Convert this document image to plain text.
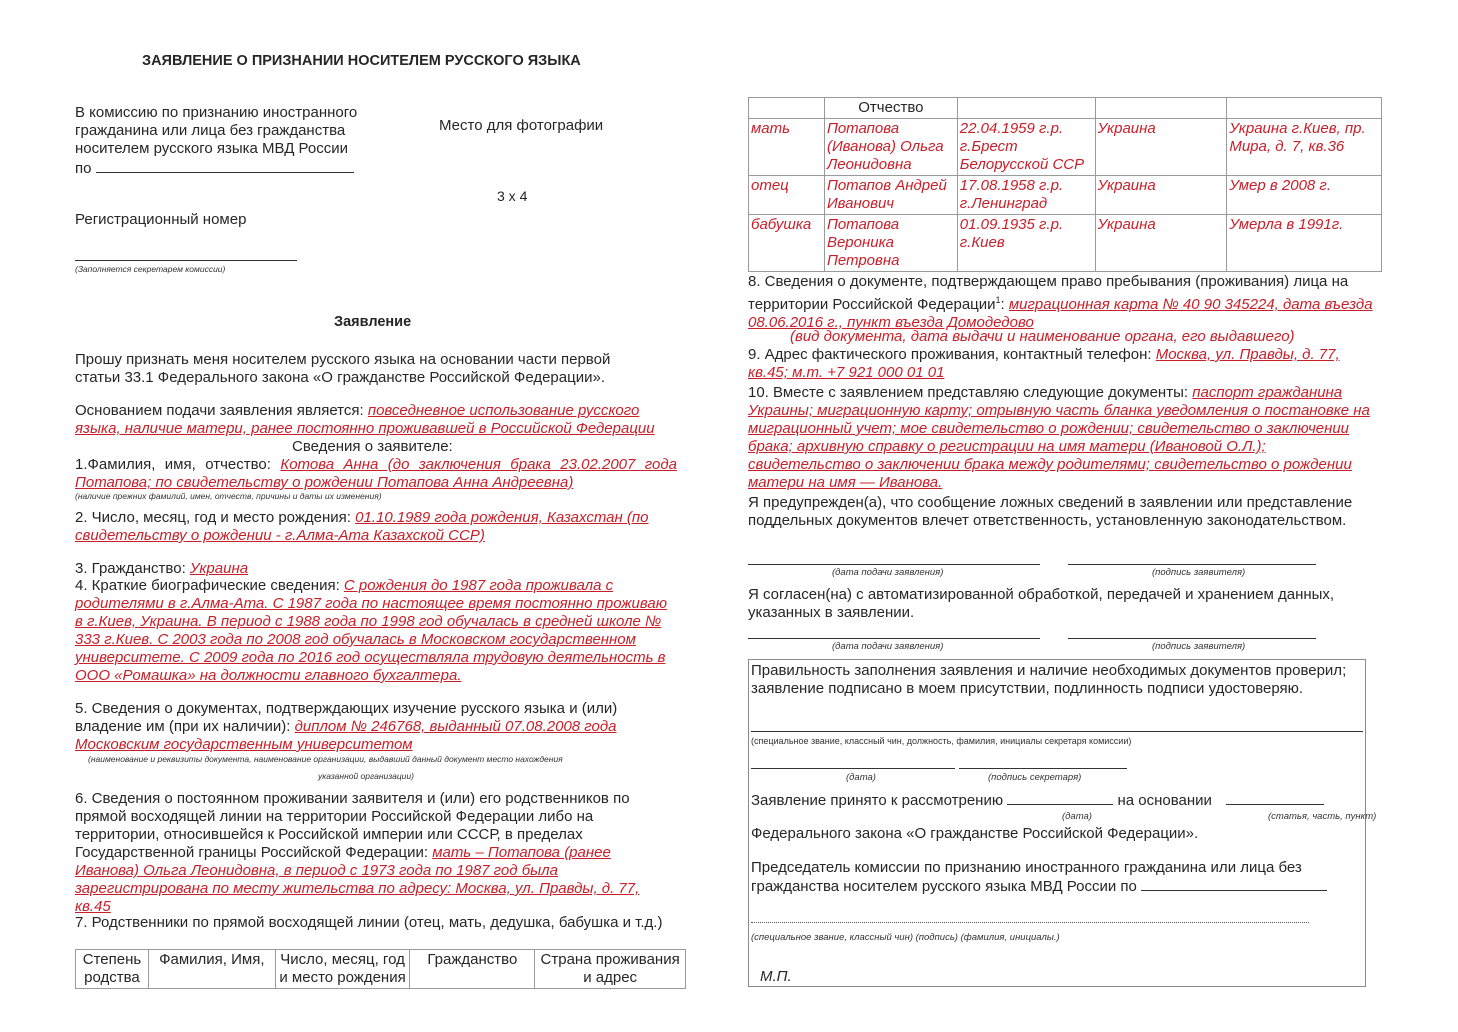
ЗАЯВЛЕНИЕ О ПРИЗНАНИИ НОСИТЕЛЕМ РУССКОГО ЯЗЫКА
В комиссию по признанию иностранного
гражданина или лица без гражданства
носителем русского языка МВД России
по
Место для фотографии
3 x 4
Регистрационный номер
(Заполняется секретарем комиссии)
Заявление
Прошу признать меня носителем русского языка на основании части первой статьи 33.1 Федерального закона «О гражданстве Российской Федерации».
Основанием подачи заявления является: повседневное использование русского языка, наличие матери, ранее постоянно проживавшей в Российской Федерации
Сведения о заявителе:
1.Фамилия, имя, отчество: Котова Анна (до заключения брака 23.02.2007 года Потапова; по свидетельству о рождении Потапова Анна Андреевна)
(наличие прежних фамилий, имен, отчеств, причины и даты их изменения)
2. Число, месяц, год и место рождения: 01.10.1989 года рождения, Казахстан (по свидетельству о рождении - г.Алма-Ата Казахской ССР)
3. Гражданство: Украина
4. Краткие биографические сведения: С рождения до 1987 года проживала с родителями в г.Алма-Ата. С 1987 года по настоящее время постоянно проживаю в г.Киев, Украина. В период с 1988 года по 1998 год обучалась в средней школе № 333 г.Киев. С 2003 года по 2008 год обучалась в Московском государственном университете. С 2009 года по 2016 год осуществляла трудовую деятельность в ООО «Ромашка» на должности главного бухгалтера.
5. Сведения о документах, подтверждающих изучение русского языка и (или) владение им (при их наличии): диплом № 246768, выданный 07.08.2008 года Московским государственным университетом
(наименование и реквизиты документа, наименование организации, выдавший данный документ место нахождения
указанной организации)
6. Сведения о постоянном проживании заявителя и (или) его родственников по прямой восходящей линии на территории Российской Федерации либо на территории, относившейся к Российской империи или СССР, в пределах Государственной границы Российской Федерации: мать – Потапова (ранее Иванова) Ольга Леонидовна, в период с 1973 года по 1987 год была зарегистрирована по месту жительства по адресу: Москва, ул. Правды, д. 77, кв.45
7. Родственники по прямой восходящей линии (отец, мать, дедушка, бабушка и т.д.)
Степень родства	Фамилия, Имя,	Число, месяц, год и место рождения	Гражданство	Страна проживания и адрес
	Отчество			
мать	Потапова (Иванова) Ольга Леонидовна	22.04.1959 г.р. г.Брест Белорусской ССР	Украина	Украина г.Киев, пр. Мира, д. 7, кв.36
отец	Потапов Андрей Иванович	17.08.1958 г.р. г.Ленинград	Украина	Умер в 2008 г.
бабушка	Потапова Вероника Петровна	01.09.1935 г.р. г.Киев	Украина	Умерла в 1991г.
8. Сведения о документе, подтверждающем право пребывания (проживания) лица на территории Российской Федерации$^1$: миграционная карта № 40 90 345224, дата въезда 08.06.2016 г., пункт въезда Домодедово
(вид документа, дата выдачи и наименование органа, его выдавшего)
9. Адрес фактического проживания, контактный телефон: Москва, ул. Правды, д. 77, кв.45; м.т. +7 921 000 01 01
10. Вместе с заявлением представляю следующие документы: паспорт гражданина Украины; миграционную карту; отрывную часть бланка уведомления о постановке на миграционный учет; мое свидетельство о рождении; свидетельство о заключении брака; архивную справку о регистрации на имя матери (Ивановой О.Л.); свидетельство о заключении брака между родителями; свидетельство о рождении матери на имя — Иванова.
Я предупрежден(а), что сообщение ложных сведений в заявлении или представление поддельных документов влечет ответственность, установленную законодательством.
(дата подачи заявления)	(подпись заявителя)
Я согласен(на) с автоматизированной обработкой, передачей и хранением данных, указанных в заявлении.
(дата подачи заявления)	(подпись заявителя)
Правильность заполнения заявления и наличие необходимых документов проверил; заявление подписано в моем присутствии, подлинность подписи удостоверяю.
(специальное звание, классный чин, должность, фамилия, инициалы секретаря комиссии)
(дата)	(подпись секретаря)
Заявление принято к рассмотрению	на основании
(дата)	(статья, часть, пункт)
Федерального закона «О гражданстве Российской Федерации».
Председатель комиссии по признанию иностранного гражданина или лица без гражданства носителем русского языка МВД России по
(специальное звание, классный чин) (подпись) (фамилия, инициалы.)
М.П.
